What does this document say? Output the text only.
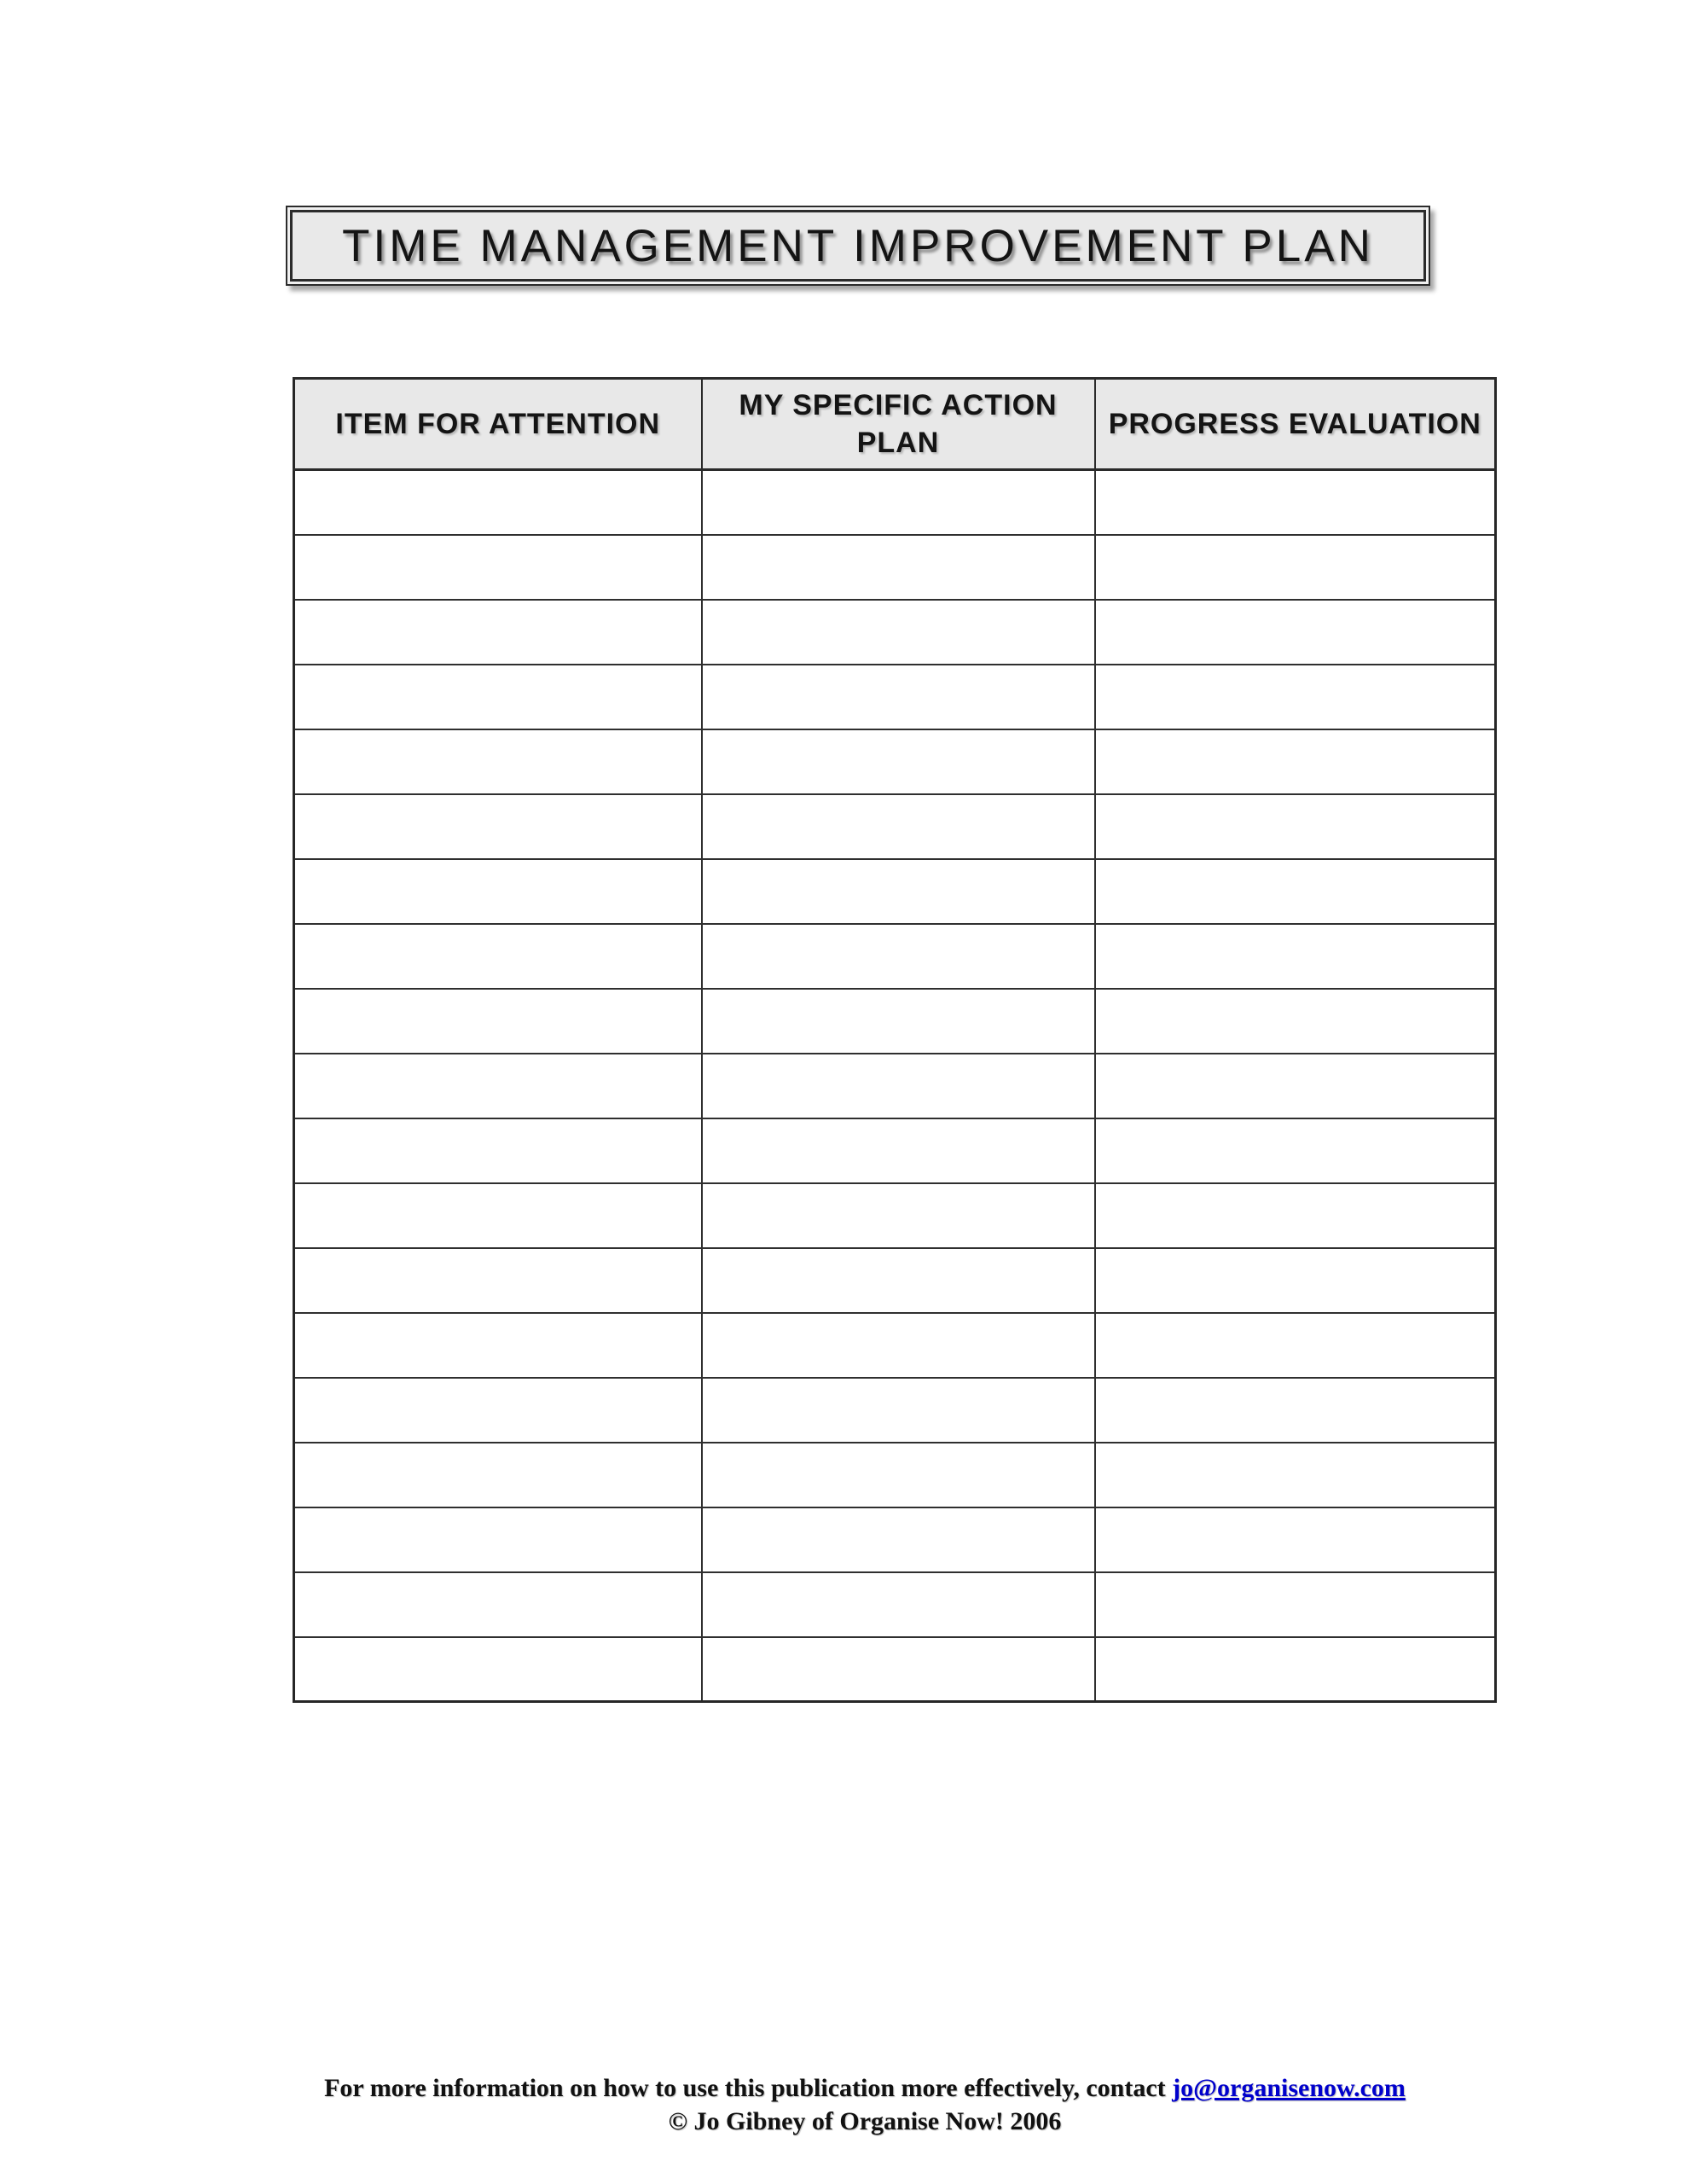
TIME MANAGEMENT IMPROVEMENT PLAN
ITEM FOR ATTENTION	MY SPECIFIC ACTION PLAN	PROGRESS EVALUATION

For more information on how to use this publication more effectively, contact jo@organisenow.com
© Jo Gibney of Organise Now! 2006
